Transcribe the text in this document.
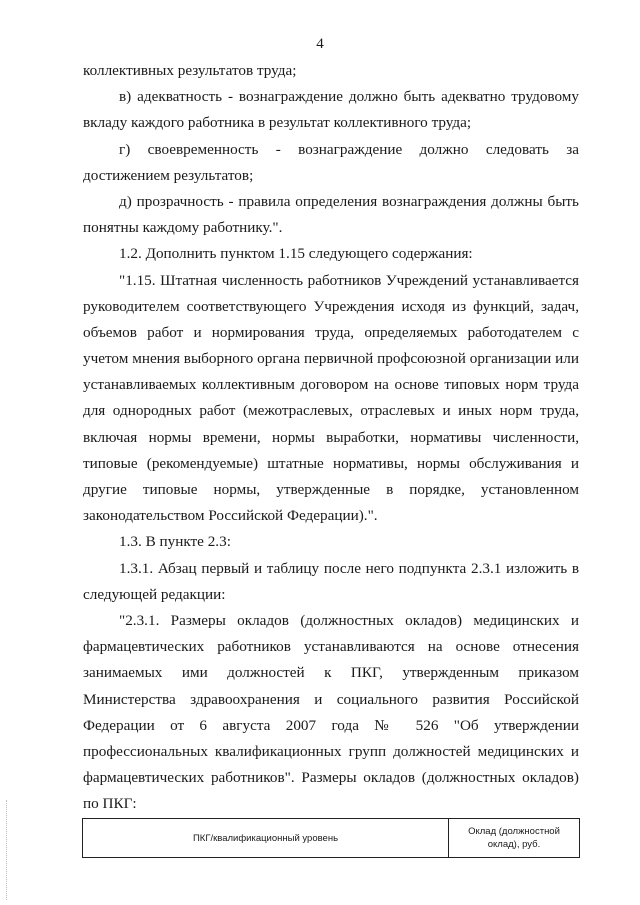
4
коллективных результатов труда;
в) адекватность - вознаграждение должно быть адекватно трудовому
вкладу каждого работника в результат коллективного труда;
г) своевременность - вознаграждение должно следовать за
достижением результатов;
д) прозрачность - правила определения вознаграждения должны быть
понятны каждому работнику.".
1.2. Дополнить пунктом 1.15 следующего содержания:
"1.15. Штатная численность работников Учреждений устанавливается
руководителем соответствующего Учреждения исходя из функций, задач,
объемов работ и нормирования труда, определяемых работодателем с
учетом мнения выборного органа первичной профсоюзной организации или
устанавливаемых коллективным договором на основе типовых норм труда
для однородных работ (межотраслевых, отраслевых и иных норм труда,
включая нормы времени, нормы выработки, нормативы численности,
типовые (рекомендуемые) штатные нормативы, нормы обслуживания и
другие типовые нормы, утвержденные в порядке, установленном
законодательством Российской Федерации).".
1.3. В пункте 2.3:
1.3.1. Абзац первый и таблицу после него подпункта 2.3.1 изложить в
следующей редакции:
"2.3.1. Размеры окладов (должностных окладов) медицинских и
фармацевтических работников устанавливаются на основе отнесения
занимаемых ими должностей к ПКГ, утвержденным приказом
Министерства здравоохранения и социального развития Российской
Федерации от 6 августа 2007 года № 526 "Об утверждении
профессиональных квалификационных групп должностей медицинских и
фармацевтических работников". Размеры окладов (должностных окладов)
по ПКГ:
ПКГ/квалификационный уровень
Оклад (должностной оклад), руб.
